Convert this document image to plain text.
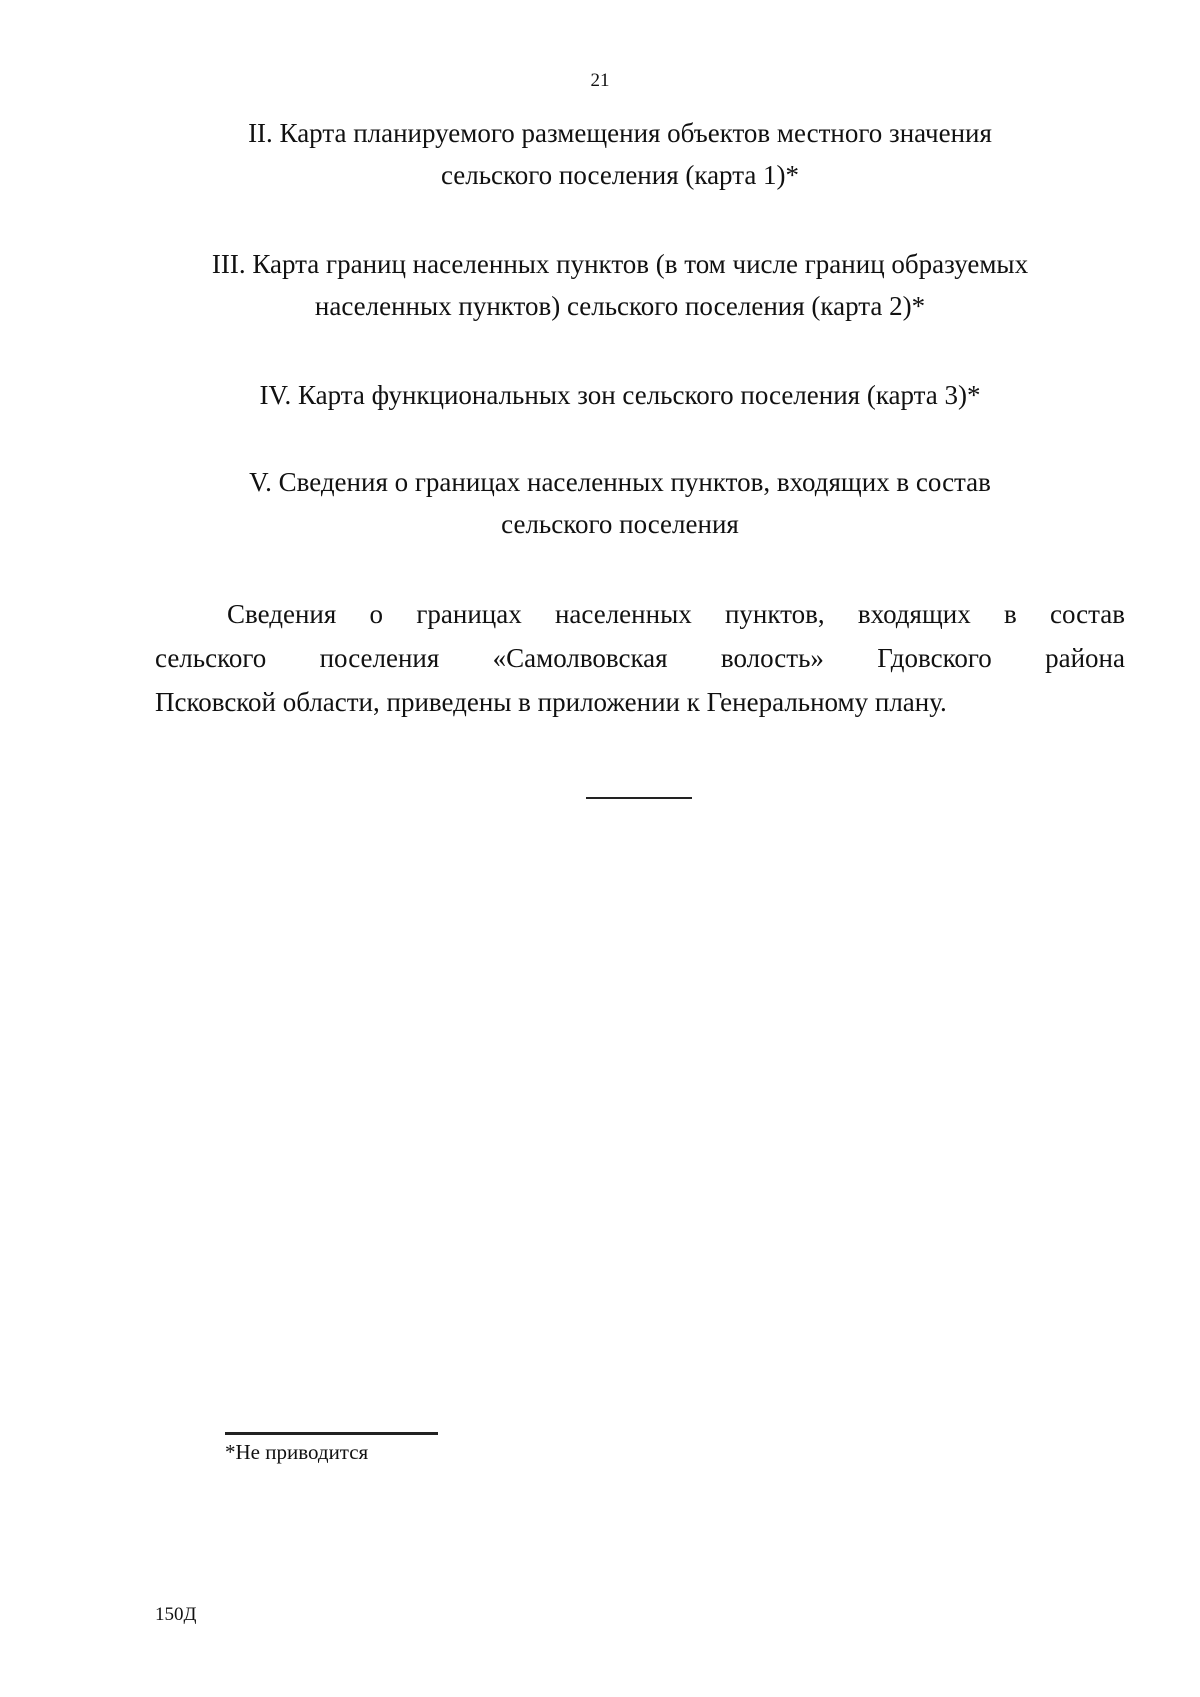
21
II. Карта планируемого размещения объектов местного значения
сельского поселения (карта 1)*
III. Карта границ населенных пунктов (в том числе границ образуемых
населенных пунктов) сельского поселения (карта 2)*
IV. Карта функциональных зон сельского поселения (карта 3)*
V. Сведения о границах населенных пунктов, входящих в состав
сельского поселения
Сведения о границах населенных пунктов, входящих в состав
сельского поселения «Самолвовская волость» Гдовского района
Псковской области, приведены в приложении к Генеральному плану.
*Не приводится
150Д
